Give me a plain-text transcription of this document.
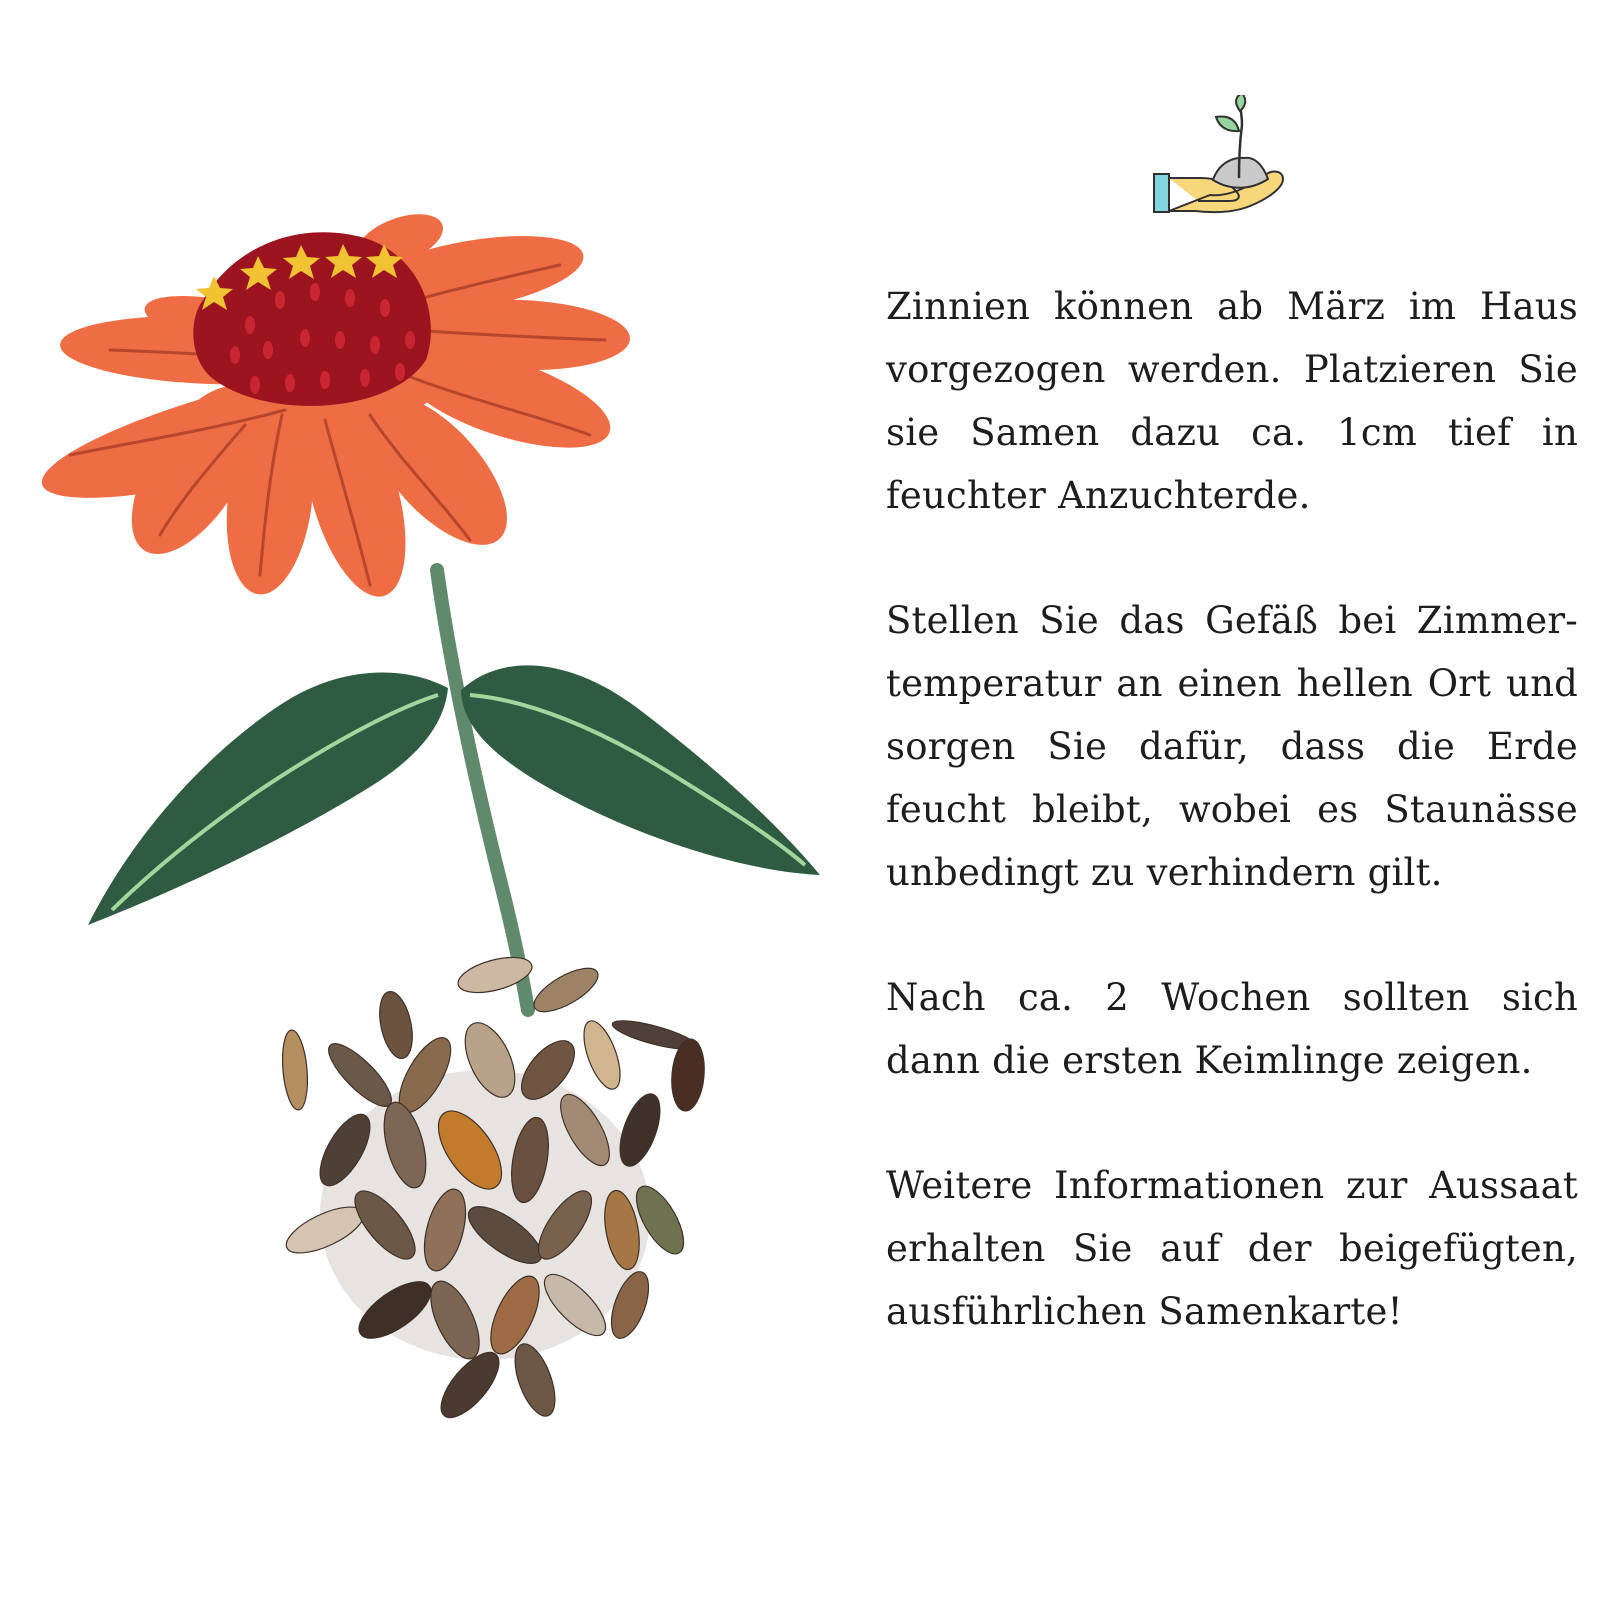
Zinnien können ab März im Haus vorgezogen werden. Platzieren Sie sie Samen dazu ca. 1cm tief in feuchter Anzuchterde.

Stellen Sie das Gefäß bei Zimmer-temperatur an einen hellen Ort und sorgen Sie dafür, dass die Erde feucht bleibt, wobei es Staunässe unbedingt zu verhindern gilt.

Nach ca. 2 Wochen sollten sich dann die ersten Keimlinge zeigen.

Weitere Informationen zur Aussaat erhalten Sie auf der beigefügten, ausführlichen Samenkarte!
